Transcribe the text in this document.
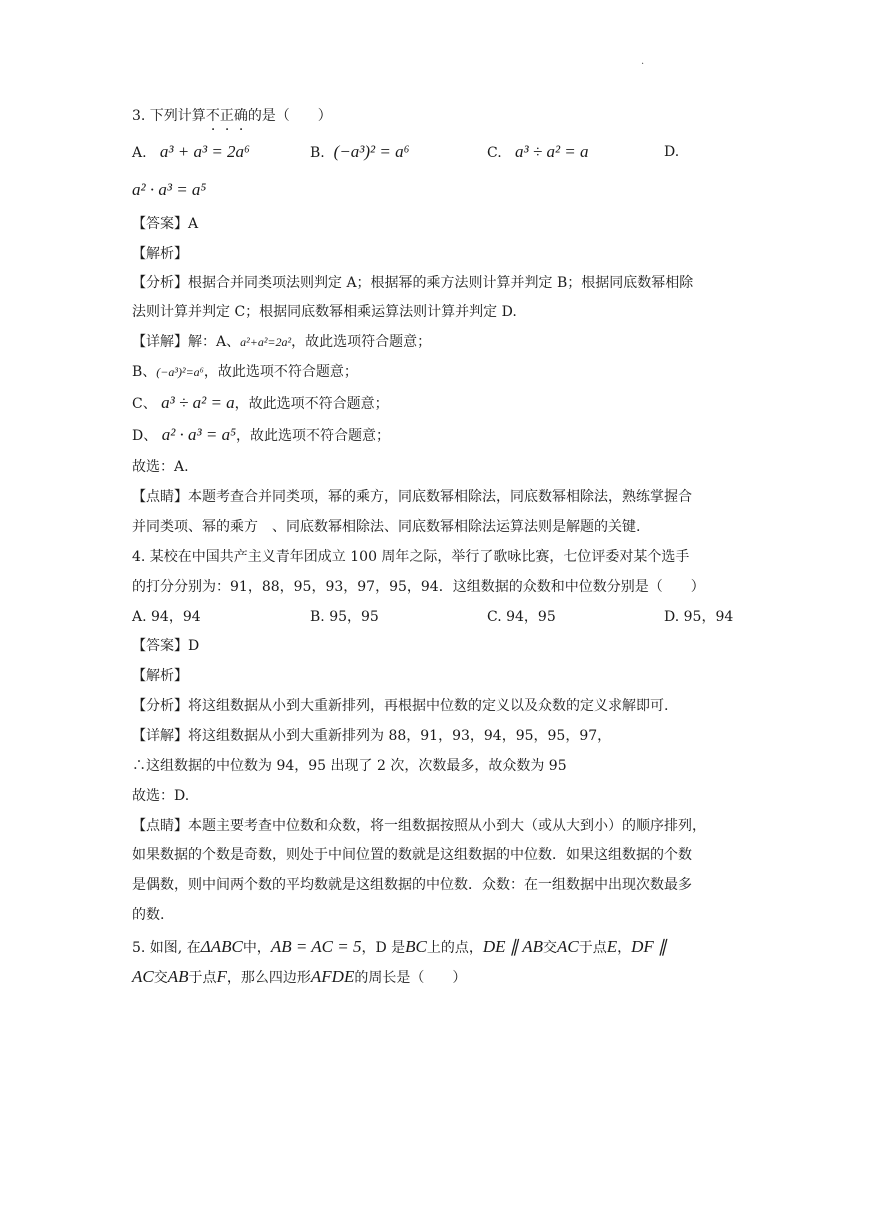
.
3. 下列计算不正确的是（　　）
A. a³ + a³ = 2a⁶	B. (−a³)² = a⁶	C. a³ ÷ a² = a	D.
a² · a³ = a⁵
【答案】A
【解析】
【分析】根据合并同类项法则判定 A；根据幂的乘方法则计算并判定 B；根据同底数幂相除
法则计算并判定 C；根据同底数幂相乘运算法则计算并判定 D.
【详解】解：A、a²+a²=2a²，故此选项符合题意；
B、(−a³)²=a⁶，故此选项不符合题意；
C、 a³ ÷ a² = a，故此选项不符合题意；
D、 a² · a³ = a⁵，故此选项不符合题意；
故选：A.
【点睛】本题考查合并同类项，幂的乘方，同底数幂相除法，同底数幂相除法，熟练掌握合
并同类项、幂的乘方　、同底数幂相除法、同底数幂相除法运算法则是解题的关键.
4. 某校在中国共产主义青年团成立 100 周年之际，举行了歌咏比赛，七位评委对某个选手
的打分分别为：91，88，95，93，97，95，94．这组数据的众数和中位数分别是（　　）
A. 94，94	B. 95，95	C. 94，95	D. 95，94
【答案】D
【解析】
【分析】将这组数据从小到大重新排列，再根据中位数的定义以及众数的定义求解即可.
【详解】将这组数据从小到大重新排列为 88，91，93，94，95，95，97，
∴这组数据的中位数为 94，95 出现了 2 次，次数最多，故众数为 95
故选：D.
【点睛】本题主要考查中位数和众数，将一组数据按照从小到大（或从大到小）的顺序排列，
如果数据的个数是奇数，则处于中间位置的数就是这组数据的中位数．如果这组数据的个数
是偶数，则中间两个数的平均数就是这组数据的中位数．众数：在一组数据中出现次数最多
的数.
5. 如图, 在ΔABC中，AB = AC = 5，D 是BC上的点，DE ∥ AB交AC于点E，DF ∥
AC交AB于点F，那么四边形AFDE的周长是（　　）
